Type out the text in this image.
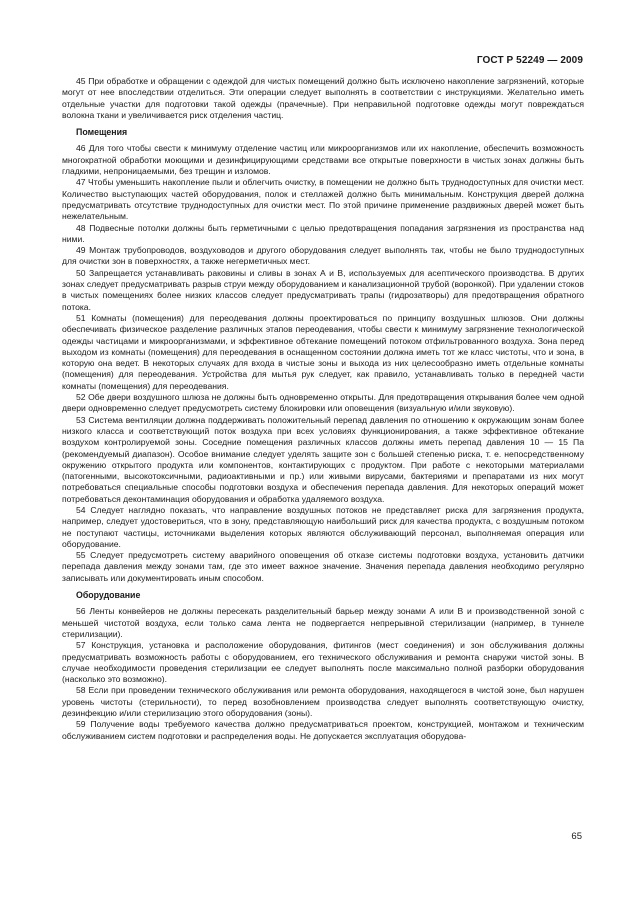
ГОСТ Р 52249 — 2009

45 При обработке и обращении с одеждой для чистых помещений должно быть исключено накопление загрязнений, которые могут от нее впоследствии отделиться. Эти операции следует выполнять в соответствии с инструкциями. Желательно иметь отдельные участки для подготовки такой одежды (прачечные). При неправильной подготовке одежды могут повреждаться волокна ткани и увеличивается риск отделения частиц.

Помещения

46 Для того чтобы свести к минимуму отделение частиц или микроорганизмов или их накопление, обеспечить возможность многократной обработки моющими и дезинфицирующими средствами все открытые поверхности в чистых зонах должны быть гладкими, непроницаемыми, без трещин и изломов.

47 Чтобы уменьшить накопление пыли и облегчить очистку, в помещении не должно быть труднодоступных для очистки мест. Количество выступающих частей оборудования, полок и стеллажей должно быть минимальным. Конструкция дверей должна предусматривать отсутствие труднодоступных для очистки мест. По этой причине применение раздвижных дверей может быть нежелательным.

48 Подвесные потолки должны быть герметичными с целью предотвращения попадания загрязнения из пространства над ними.

49 Монтаж трубопроводов, воздуховодов и другого оборудования следует выполнять так, чтобы не было труднодоступных для очистки зон в поверхностях, а также негерметичных мест.

50 Запрещается устанавливать раковины и сливы в зонах А и В, используемых для асептического производства. В других зонах следует предусматривать разрыв струи между оборудованием и канализационной трубой (воронкой). При удалении стоков в чистых помещениях более низких классов следует предусматривать трапы (гидрозатворы) для предотвращения обратного потока.

51 Комнаты (помещения) для переодевания должны проектироваться по принципу воздушных шлюзов. Они должны обеспечивать физическое разделение различных этапов переодевания, чтобы свести к минимуму загрязнение технологической одежды частицами и микроорганизмами, и эффективное обтекание помещений потоком отфильтрованного воздуха. Зона перед выходом из комнаты (помещения) для переодевания в оснащенном состоянии должна иметь тот же класс чистоты, что и зона, в которую она ведет. В некоторых случаях для входа в чистые зоны и выхода из них целесообразно иметь отдельные комнаты (помещения) для переодевания. Устройства для мытья рук следует, как правило, устанавливать только в передней части комнаты (помещения) для переодевания.

52 Обе двери воздушного шлюза не должны быть одновременно открыты. Для предотвращения открывания более чем одной двери одновременно следует предусмотреть систему блокировки или оповещения (визуальную и/или звуковую).

53 Система вентиляции должна поддерживать положительный перепад давления по отношению к окружающим зонам более низкого класса и соответствующий поток воздуха при всех условиях функционирования, а также эффективное обтекание воздухом контролируемой зоны. Соседние помещения различных классов должны иметь перепад давления 10 — 15 Па (рекомендуемый диапазон). Особое внимание следует уделять защите зон с большей степенью риска, т. е. непосредственному окружению открытого продукта или компонентов, контактирующих с продуктом. При работе с некоторыми материалами (патогенными, высокотоксичными, радиоактивными и пр.) или живыми вирусами, бактериями и препаратами из них могут потребоваться специальные способы подготовки воздуха и обеспечения перепада давления. Для некоторых операций может потребоваться деконтаминация оборудования и обработка удаляемого воздуха.

54 Следует наглядно показать, что направление воздушных потоков не представляет риска для загрязнения продукта, например, следует удостовериться, что в зону, представляющую наибольший риск для качества продукта, с воздушным потоком не поступают частицы, источниками выделения которых являются обслуживающий персонал, выполняемая операция или оборудование.

55 Следует предусмотреть систему аварийного оповещения об отказе системы подготовки воздуха, установить датчики перепада давления между зонами там, где это имеет важное значение. Значения перепада давления необходимо регулярно записывать или документировать иным способом.

Оборудование

56 Ленты конвейеров не должны пересекать разделительный барьер между зонами А или В и производственной зоной с меньшей чистотой воздуха, если только сама лента не подвергается непрерывной стерилизации (например, в туннеле стерилизации).

57 Конструкция, установка и расположение оборудования, фитингов (мест соединения) и зон обслуживания должны предусматривать возможность работы с оборудованием, его технического обслуживания и ремонта снаружи чистой зоны. В случае необходимости проведения стерилизации ее следует выполнять после максимально полной разборки оборудования (насколько это возможно).

58 Если при проведении технического обслуживания или ремонта оборудования, находящегося в чистой зоне, был нарушен уровень чистоты (стерильности), то перед возобновлением производства следует выполнять соответствующую очистку, дезинфекцию и/или стерилизацию этого оборудования (зоны).

59 Получение воды требуемого качества должно предусматриваться проектом, конструкцией, монтажом и техническим обслуживанием систем подготовки и распределения воды. Не допускается эксплуатация оборудова-

65
